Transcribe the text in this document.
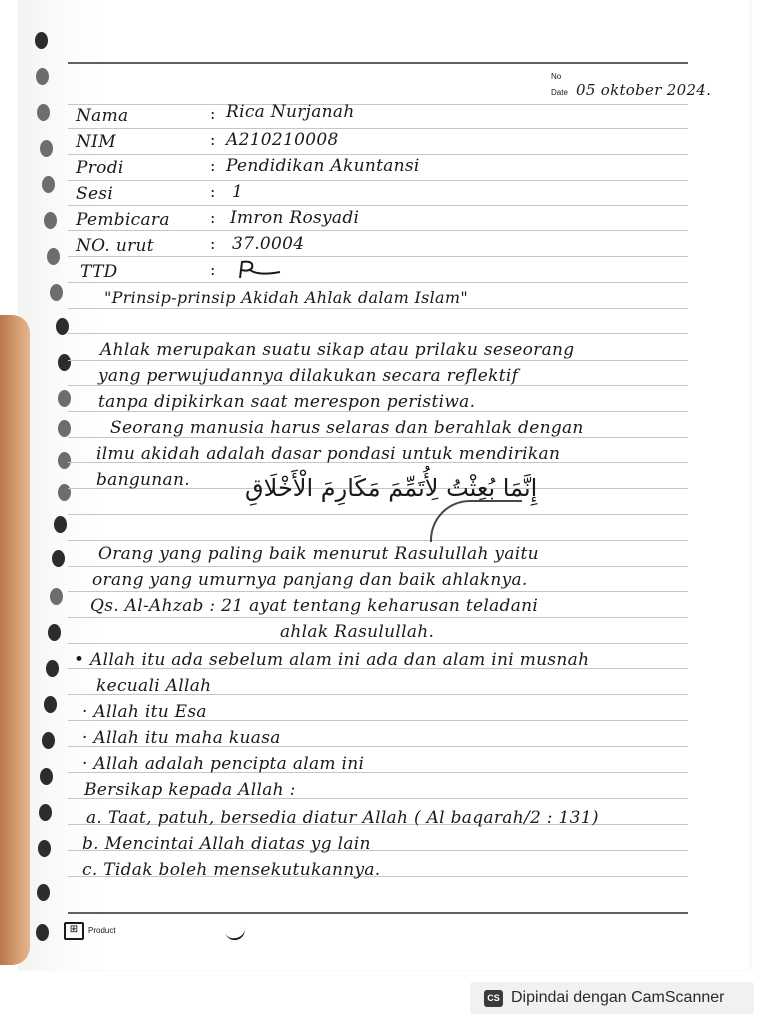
No
Date 05 oktober 2024.
Nama	: Rica Nurjanah
NIM	: A210210008
Prodi	: Pendidikan Akuntansi
Sesi	: 1
Pembicara	: Imron Rosyadi
NO. urut	: 37.0004
TTD	:
"Prinsip-prinsip Akidah Ahlak dalam Islam"
Ahlak merupakan suatu sikap atau prilaku seseorang
yang perwujudannya dilakukan secara reflektif
tanpa dipikirkan saat merespon peristiwa.
Seorang manusia harus selaras dan berahlak dengan
ilmu akidah adalah dasar pondasi untuk mendirikan
bangunan. إِنَّمَا بُعِثْتُ لِأُتَمِّمَ مَكَارِمَ الْأَخْلَاقِ
Orang yang paling baik menurut Rasulullah yaitu
orang yang umurnya panjang dan baik ahlaknya.
Qs. Al-Ahzab : 21 ayat tentang keharusan teladani
ahlak Rasulullah.
• Allah itu ada sebelum alam ini ada dan alam ini musnah
kecuali Allah
· Allah itu Esa
· Allah itu maha kuasa
· Allah adalah pencipta alam ini
Bersikap kepada Allah :
a. Taat, patuh, bersedia diatur Allah ( Al baqarah/2 : 131)
b. Mencintai Allah diatas yg lain
c. Tidak boleh mensekutukannya.
⊞	Product
CS Dipindai dengan CamScanner
